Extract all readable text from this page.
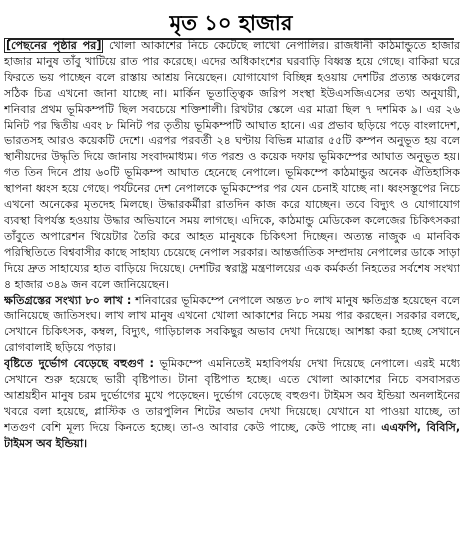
মৃত ১০ হাজার

[পেছনের পৃষ্ঠার পর] খোলা আকাশের নিচে কেটেছে লাখো নেপালির। রাজধানী কাঠমান্ডুতে হাজার হাজার মানুষ তাঁবু খাটিয়ে রাত পার করেছে। এদের অধিকাংশের ঘরবাড়ি বিধ্বস্ত হয়ে গেছে। বাকিরা ঘরে ফিরতে ভয় পাচ্ছেন বলে রাস্তায় আশ্রয় নিয়েছেন। যোগাযোগ বিচ্ছিন্ন হওয়ায় দেশটির প্রত্যন্ত অঞ্চলের সঠিক চিত্র এখনো জানা যাচ্ছে না। মার্কিন ভূতাত্ত্বিক জরিপ সংস্থা ইউএসজিএসের তথ্য অনুযায়ী, শনিবার প্রথম ভূমিকম্পটি ছিল সবচেয়ে শক্তিশালী। রিখটার স্কেলে এর মাত্রা ছিল ৭ দশমিক ৯। এর ২৬ মিনিট পর দ্বিতীয় এবং ৮ মিনিট পর তৃতীয় ভূমিকম্পটি আঘাত হানে। এর প্রভাব ছড়িয়ে পড়ে বাংলাদেশ, ভারতসহ আরও কয়েকটি দেশে। এরপর পরবর্তী ২৪ ঘণ্টায় বিভিন্ন মাত্রার ৫৫টি কম্পন অনুভূত হয় বলে স্থানীয়দের উদ্ধৃতি দিয়ে জানায় সংবাদমাধ্যম। গত পরশু ও কয়েক দফায় ভূমিকম্পের আঘাত অনুভূত হয়। গত তিন দিনে প্রায় ৬০টি ভূমিকম্প আঘাত হেনেছে নেপালে। ভূমিকম্পে কাঠমান্ডুর অনেক ঐতিহাসিক স্থাপনা ধ্বংস হয়ে গেছে। পর্যটনের দেশ নেপালকে ভূমিকম্পের পর যেন চেনাই যাচ্ছে না। ধ্বংসস্তূপের নিচে এখনো অনেকের মৃতদেহ মিলছে। উদ্ধারকর্মীরা রাতদিন কাজ করে যাচ্ছেন। তবে বিদ্যুৎ ও যোগাযোগ ব্যবস্থা বিপর্যস্ত হওয়ায় উদ্ধার অভিযানে সময় লাগছে। এদিকে, কাঠমান্ডু মেডিকেল কলেজের চিকিৎসকরা তাঁবুতে অপারেশন থিয়েটার তৈরি করে আহত মানুষকে চিকিৎসা দিচ্ছেন। অত্যন্ত নাজুক এ মানবিক পরিস্থিতিতে বিশ্ববাসীর কাছে সাহায্য চেয়েছে নেপাল সরকার। আন্তর্জাতিক সম্প্রদায় নেপালের ডাকে সাড়া দিয়ে দ্রুত সাহায্যের হাত বাড়িয়ে দিয়েছে। দেশটির স্বরাষ্ট্র মন্ত্রণালয়ের এক কর্মকর্তা নিহতের সর্বশেষ সংখ্যা ৪ হাজার ৩৪৯ জন বলে জানিয়েছেন।

ক্ষতিগ্রস্তের সংখ্যা ৮০ লাখ : শনিবারের ভূমিকম্পে নেপালে অন্তত ৮০ লাখ মানুষ ক্ষতিগ্রস্ত হয়েছেন বলে জানিয়েছে জাতিসংঘ। লাখ লাখ মানুষ এখনো খোলা আকাশের নিচে সময় পার করছেন। সরকার বলছে, সেখানে চিকিৎসক, কম্বল, বিদ্যুৎ, গাড়িচালক সবকিছুর অভাব দেখা দিয়েছে। আশঙ্কা করা হচ্ছে সেখানে রোগবালাই ছড়িয়ে পড়ার।

বৃষ্টিতে দুর্ভোগ বেড়েছে বহুগুণ : ভূমিকম্পে এমনিতেই মহাবিপর্যয় দেখা দিয়েছে নেপালে। এরই মধ্যে সেখানে শুরু হয়েছে ভারী বৃষ্টিপাত। টানা বৃষ্টিপাত হচ্ছে। এতে খোলা আকাশের নিচে বসবাসরত আশ্রয়হীন মানুষ চরম দুর্ভোগের মুখে পড়েছেন। দুর্ভোগ বেড়েছে বহুগুণ। টাইমস অব ইন্ডিয়া অনলাইনের খবরে বলা হয়েছে, প্লাস্টিক ও তারপুলিন শিটের অভাব দেখা দিয়েছে। যেখানে যা পাওয়া যাচ্ছে, তা শতগুণ বেশি মূল্য দিয়ে কিনতে হচ্ছে। তা-ও আবার কেউ পাচ্ছে, কেউ পাচ্ছে না। এএফপি, বিবিসি, টাইমস অব ইন্ডিয়া।
